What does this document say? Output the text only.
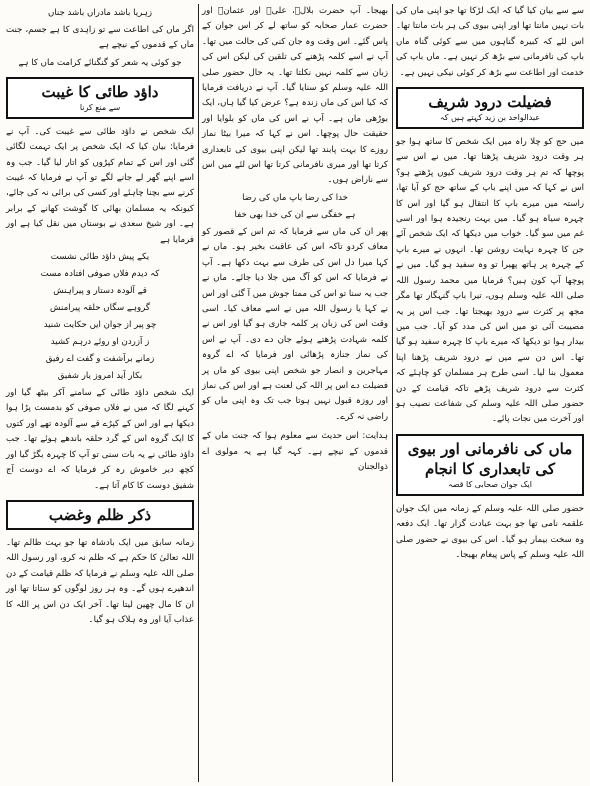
سے سے بیان کیا گیا کہ ایک لڑکا تھا جو اپنی ماں کی بات نہیں مانتا تھا اور اپنی بیوی کی ہر بات مانتا تھا۔ اس لئے کہ کبیرہ گناہوں میں سے کوئی گناہ ماں باپ کی نافرمانی سے بڑھ کر نہیں ہے۔ ماں باپ کی خدمت اور اطاعت سے بڑھ کر کوئی نیکی نہیں ہے۔

فضیلت درود شریف
عبدالواحد بن زید کہتے ہیں کہ

میں حج کو چلا راہ میں ایک شخص کا ساتھ ہوا جو ہر وقت درود شریف پڑھتا تھا۔ میں نے اس سے پوچھا کہ تم ہر وقت درود شریف کیوں پڑھتے ہو؟ اس نے کہا کہ میں اپنے باپ کے ساتھ حج کو آیا تھا، راستہ میں میرے باپ کا انتقال ہو گیا اور اس کا چہرہ سیاہ ہو گیا۔ میں بہت رنجیدہ ہوا اور اسی غم میں سو گیا۔ خواب میں دیکھا کہ ایک شخص آئے جن کا چہرہ نہایت روشن تھا۔ انہوں نے میرے باپ کے چہرہ پر ہاتھ پھیرا تو وہ سفید ہو گیا۔ میں نے پوچھا آپ کون ہیں؟ فرمایا میں محمد رسول اللہ صلی اللہ علیہ وسلم ہوں، تیرا باپ گنہگار تھا مگر مجھ پر کثرت سے درود بھیجتا تھا۔ جب اس پر یہ مصیبت آئی تو میں اس کی مدد کو آیا۔ جب میں بیدار ہوا تو دیکھا کہ میرے باپ کا چہرہ سفید ہو گیا تھا۔ اس دن سے میں نے درود شریف پڑھنا اپنا معمول بنا لیا۔ اسی طرح ہر مسلمان کو چاہئے کہ کثرت سے درود شریف پڑھے تاکہ قیامت کے دن حضور صلی اللہ علیہ وسلم کی شفاعت نصیب ہو اور آخرت میں نجات پائے۔

ماں کی نافرمانی اور بیوی کی تابعداری کا انجام
ایک جوان صحابی کا قصہ

حضور صلی اللہ علیہ وسلم کے زمانہ میں ایک جوان علقمہ نامی تھا جو بہت عبادت گزار تھا۔ ایک دفعہ وہ سخت بیمار ہو گیا۔ اس کی بیوی نے حضور صلی اللہ علیہ وسلم کے پاس پیغام بھیجا۔

بھیجا۔ آپ حضرت بلالؓ، علیؓ اور عثمانؓ اور حضرت عمار صحابہ کو ساتھ لے کر اس جوان کے پاس گئے۔ اس وقت وہ جان کنی کی حالت میں تھا۔ آپ نے اسے کلمہ پڑھنے کی تلقین کی لیکن اس کی زبان سے کلمہ نہیں نکلتا تھا۔ یہ حال حضور صلی اللہ علیہ وسلم کو سنایا گیا۔ آپ نے دریافت فرمایا کہ کیا اس کی ماں زندہ ہے؟ عرض کیا گیا ہاں، ایک بوڑھی ماں ہے۔ آپ نے اس کی ماں کو بلوایا اور حقیقت حال پوچھا۔ اس نے کہا کہ میرا بیٹا نماز روزے کا بہت پابند تھا لیکن اپنی بیوی کی تابعداری کرتا تھا اور میری نافرمانی کرتا تھا اس لئے میں اس سے ناراض ہوں۔

خدا کی رضا باپ ماں کی رضا
ہے خفگی سے ان کی خدا بھی خفا

پھر ان کی ماں سے فرمایا کہ تم اس کے قصور کو معاف کردو تاکہ اس کی عاقبت بخیر ہو۔ ماں نے کہا میرا دل اس کی طرف سے بہت دکھا ہے۔ آپ نے فرمایا کہ اس کو آگ میں جلا دیا جائے۔ ماں نے جب یہ سنا تو اس کی ممتا جوش میں آ گئی اور اس نے کہا یا رسول اللہ میں نے اسے معاف کیا۔ اسی وقت اس کی زبان پر کلمہ جاری ہو گیا اور اس نے کلمہ شہادت پڑھتے ہوئے جان دے دی۔ آپ نے اس کی نماز جنازہ پڑھائی اور فرمایا کہ اے گروہ مہاجرین و انصار جو شخص اپنی بیوی کو ماں پر فضیلت دے اس پر اللہ کی لعنت ہے اور اس کی نماز اور روزہ قبول نہیں ہوتا جب تک وہ اپنی ماں کو راضی نہ کرے۔

ہدایت: اس حدیث سے معلوم ہوا کہ جنت ماں کے قدموں کے نیچے ہے۔ کہہ گیا ہے یہ مولوی اے ذوالجنان

زہریا باشد مادراں باشد جناں

اگر ماں کی اطاعت سے تو زاہدی کا ہے جسم، جنت ماں کے قدموں کے نیچے ہے

جو کوئی یہ شعر کو گنگنائے کرامت ماں کا ہے
داؤد طائی کا غیبت
سے منع کرنا

ایک شخص نے داؤد طائی سے غیبت کی۔ آپ نے فرمایا: بیان کیا کہ ایک شخص پر ایک تہمت لگائی گئی اور اس کے تمام کپڑوں کو اتار لیا گیا۔ جب وہ اسے اپنے گھر لے جانے لگے تو آپ نے فرمایا کہ غیبت کرنے سے بچنا چاہئے اور کسی کی برائی نہ کی جائے، کیونکہ یہ مسلمان بھائی کا گوشت کھانے کے برابر ہے۔ اور شیخ سعدی نے بوستاں میں نقل کیا ہے اور فرمایا ہے

یکے پیش داؤد طائی نشست
کہ دیدم فلاں صوفی افتادہ مست
قے آلودہ دستار و پیراہنش
گروہے سگاں حلقہ پیرامنش
چو پیر از جوان ایں حکایت شنید
ز آزردن او روئے درہم کشید
زمانے برآشفت و گفت اے رفیق
بکار آید امروز یار شفیق

ایک شخص داؤد طائی کے سامنے آکر بیٹھ گیا اور کہنے لگا کہ میں نے فلاں صوفی کو بدمست پڑا ہوا دیکھا ہے اور اس کے کپڑے قے سے آلودہ تھے اور کتوں کا ایک گروہ اس کے گرد حلقہ باندھے ہوئے تھا۔ جب داؤد طائی نے یہ بات سنی تو آپ کا چہرہ بگڑ گیا اور کچھ دیر خاموش رہ کر فرمایا کہ اے دوست آج شفیق دوست کا کام آتا ہے۔

ذکر ظلم وغضب

زمانہ سابق میں ایک بادشاہ تھا جو بہت ظالم تھا۔ اللہ تعالیٰ کا حکم ہے کہ ظلم نہ کرو، اور رسول اللہ صلی اللہ علیہ وسلم نے فرمایا کہ ظلم قیامت کے دن اندھیرے ہوں گے۔ وہ ہر روز لوگوں کو ستاتا تھا اور ان کا مال چھین لیتا تھا۔ آخر ایک دن اس پر اللہ کا عذاب آیا اور وہ ہلاک ہو گیا۔
